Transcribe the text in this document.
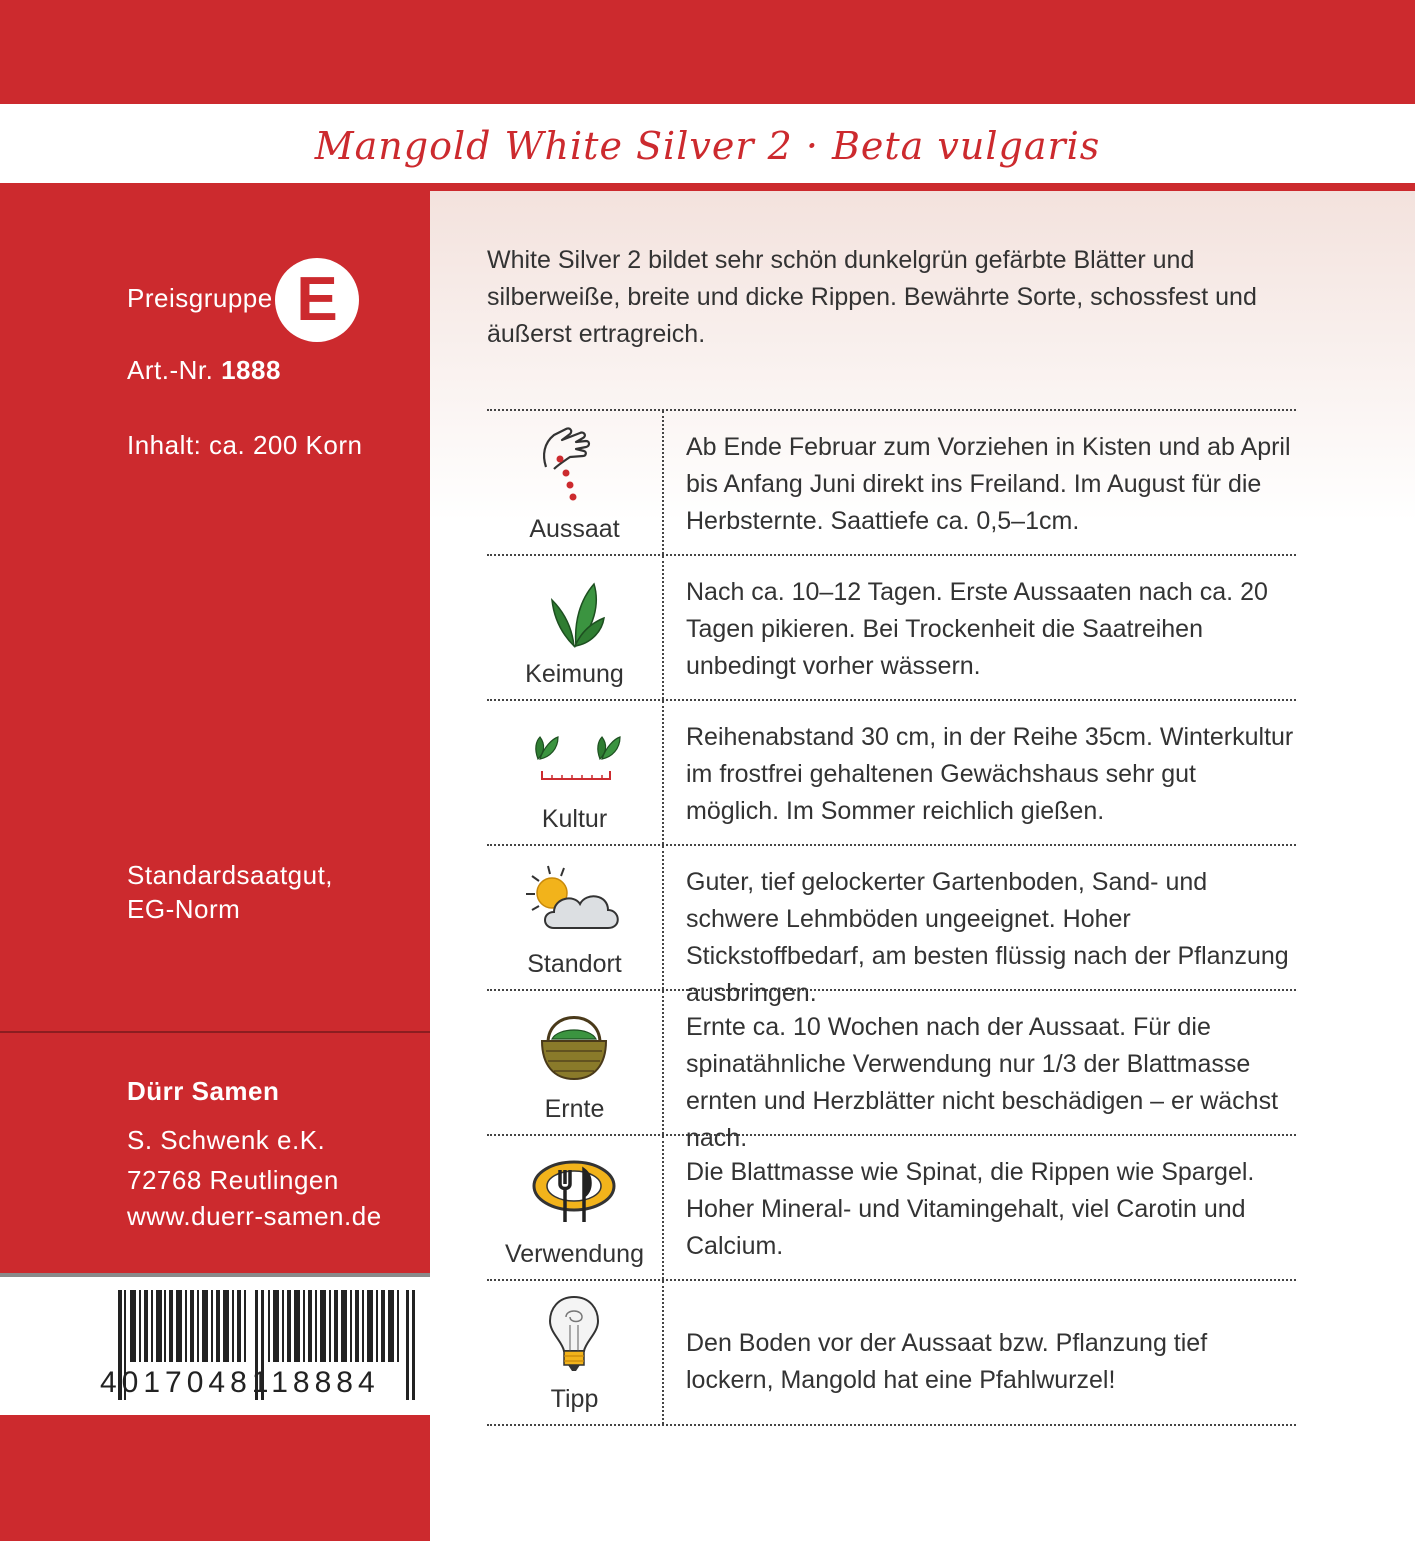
Mangold White Silver 2 · Beta vulgaris
Preisgruppe E
Art.-Nr. 1888
Inhalt: ca. 200 Korn
Standardsaatgut,
EG-Norm
Dürr Samen
S. Schwenk e.K.
72768 Reutlingen
www.duerr-samen.de
4017048118884
White Silver 2 bildet sehr schön dunkelgrün gefärbte Blätter und silberweiße, breite und dicke Rippen. Bewährte Sorte, schossfest und äußerst ertragreich.
Aussaat
Ab Ende Februar zum Vorziehen in Kisten und ab April bis Anfang Juni direkt ins Freiland. Im August für die Herbsternte. Saattiefe ca. 0,5–1cm.
Keimung
Nach ca. 10–12 Tagen. Erste Aussaaten nach ca. 20 Tagen pikieren. Bei Trockenheit die Saatreihen unbedingt vorher wässern.
Kultur
Reihenabstand 30 cm, in der Reihe 35cm. Winterkultur im frostfrei gehaltenen Gewächshaus sehr gut möglich. Im Sommer reichlich gießen.
Standort
Guter, tief gelockerter Gartenboden, Sand- und schwere Lehmböden ungeeignet. Hoher Stickstoffbedarf, am besten flüssig nach der Pflanzung ausbringen.
Ernte
Ernte ca. 10 Wochen nach der Aussaat. Für die spinatähnliche Verwendung nur 1/3 der Blattmasse ernten und Herzblätter nicht beschädigen – er wächst nach.
Verwendung
Die Blattmasse wie Spinat, die Rippen wie Spargel. Hoher Mineral- und Vitamingehalt, viel Carotin und Calcium.
Tipp
Den Boden vor der Aussaat bzw. Pflanzung tief lockern, Mangold hat eine Pfahlwurzel!
